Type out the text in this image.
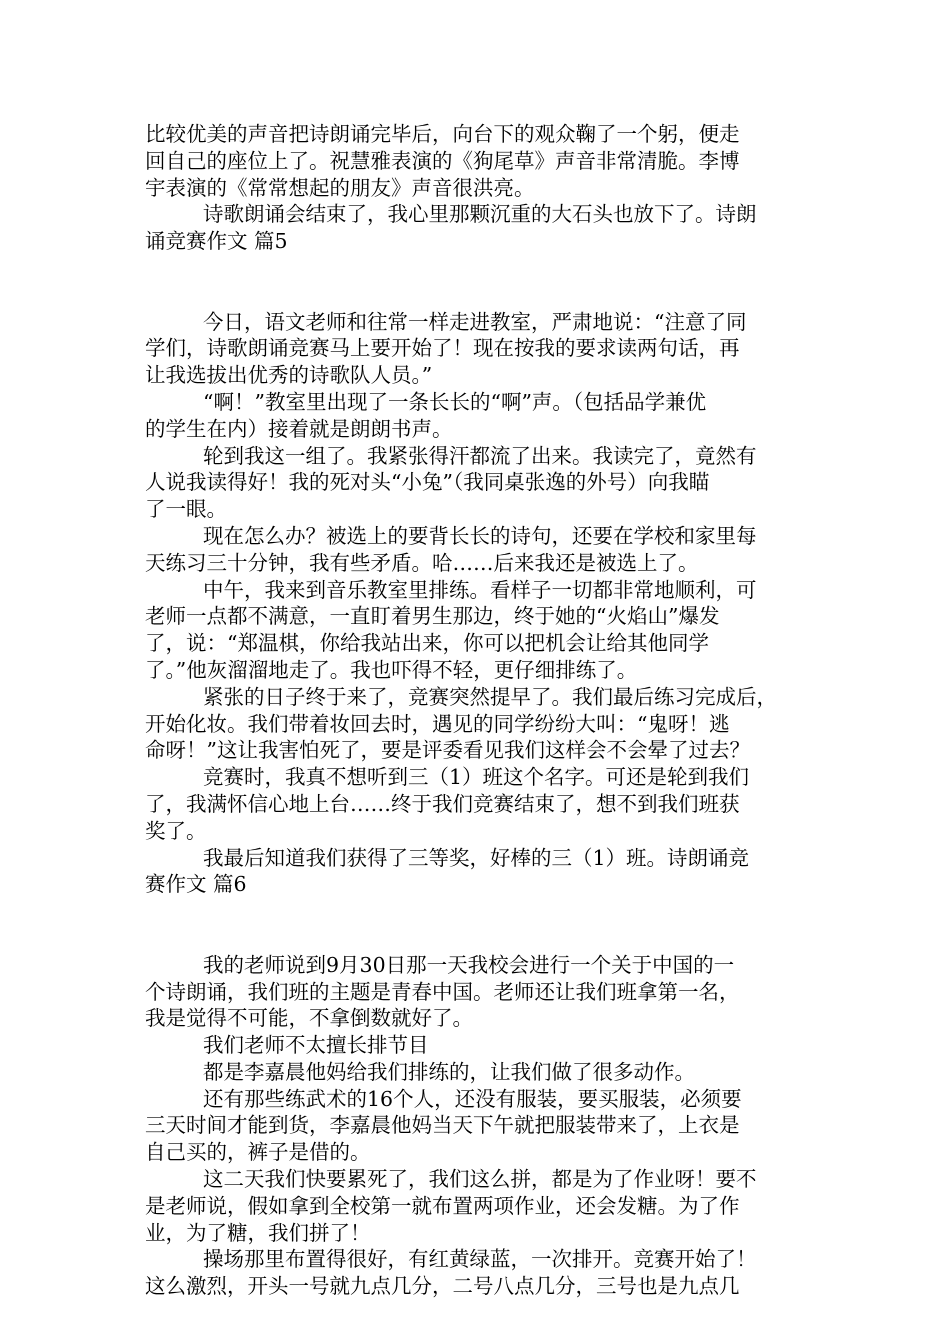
比较优美的声音把诗朗诵完毕后，向台下的观众鞠了一个躬，便走
回自己的座位上了。祝慧雅表演的《狗尾草》声音非常清脆。李博
宇表演的《常常想起的朋友》声音很洪亮。
诗歌朗诵会结束了，我心里那颗沉重的大石头也放下了。诗朗
诵竞赛作文 篇5
今日，语文老师和往常一样走进教室，严肃地说：“注意了同
学们，诗歌朗诵竞赛马上要开始了！现在按我的要求读两句话，再
让我选拔出优秀的诗歌队人员。”
“啊！”教室里出现了一条长长的“啊”声。（包括品学兼优
的学生在内）接着就是朗朗书声。
轮到我这一组了。我紧张得汗都流了出来。我读完了，竟然有
人说我读得好！我的死对头“小兔”（我同桌张逸的外号）向我瞄
了一眼。
现在怎么办？被选上的要背长长的诗句，还要在学校和家里每
天练习三十分钟，我有些矛盾。哈……后来我还是被选上了。
中午，我来到音乐教室里排练。看样子一切都非常地顺利，可
老师一点都不满意，一直盯着男生那边，终于她的“火焰山”爆发
了，说：“郑温棋，你给我站出来，你可以把机会让给其他同学
了。”他灰溜溜地走了。我也吓得不轻，更仔细排练了。
紧张的日子终于来了，竞赛突然提早了。我们最后练习完成后，
开始化妆。我们带着妆回去时，遇见的同学纷纷大叫：“鬼呀！逃
命呀！”这让我害怕死了，要是评委看见我们这样会不会晕了过去？
竞赛时，我真不想听到三（1）班这个名字。可还是轮到我们
了，我满怀信心地上台……终于我们竞赛结束了，想不到我们班获
奖了。
我最后知道我们获得了三等奖，好棒的三（1）班。诗朗诵竞
赛作文 篇6
我的老师说到9月30日那一天我校会进行一个关于中国的一
个诗朗诵，我们班的主题是青春中国。老师还让我们班拿第一名，
我是觉得不可能，不拿倒数就好了。
我们老师不太擅长排节目
都是李嘉晨他妈给我们排练的，让我们做了很多动作。
还有那些练武术的16个人，还没有服装，要买服装，必须要
三天时间才能到货，李嘉晨他妈当天下午就把服装带来了，上衣是
自己买的，裤子是借的。
这二天我们快要累死了，我们这么拼，都是为了作业呀！要不
是老师说，假如拿到全校第一就布置两项作业，还会发糖。为了作
业，为了糖，我们拼了！
操场那里布置得很好，有红黄绿蓝，一次排开。竞赛开始了！
这么激烈，开头一号就九点几分，二号八点几分，三号也是九点几
